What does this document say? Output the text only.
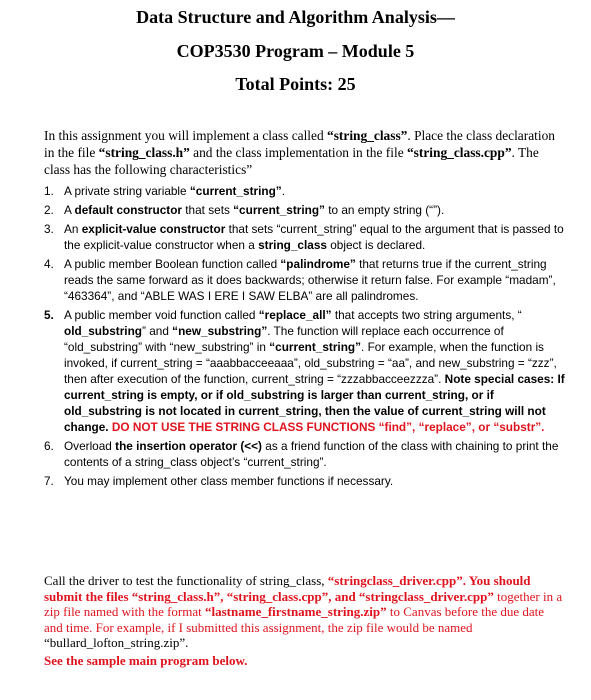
Data Structure and Algorithm Analysis—
COP3530 Program – Module 5
Total Points: 25

In this assignment you will implement a class called “string_class”. Place the class declaration in the file “string_class.h” and the class implementation in the file “string_class.cpp”. The class has the following characteristics”

1. A private string variable “current_string”.
2. A default constructor that sets “current_string” to an empty string (“”).
3. An explicit-value constructor that sets “current_string” equal to the argument that is passed to the explicit-value constructor when a string_class object is declared.
4. A public member Boolean function called “palindrome” that returns true if the current_string reads the same forward as it does backwards; otherwise it return false. For example “madam”, “463364”, and “ABLE WAS I ERE I SAW ELBA” are all palindromes.
5. A public member void function called “replace_all” that accepts two string arguments, “ old_substring” and “new_substring”. The function will replace each occurrence of “old_substring” with “new_substring” in “current_string”. For example, when the function is invoked, if current_string = “aaabbacceeaaa”, old_substring = “aa”, and new_substring = “zzz”, then after execution of the function, current_string = “zzzabbacceezzza”. Note special cases: If current_string is empty, or if old_substring is larger than current_string, or if old_substring is not located in current_string, then the value of current_string will not change. DO NOT USE THE STRING CLASS FUNCTIONS “find”, “replace”, or “substr”.
6. Overload the insertion operator (<<) as a friend function of the class with chaining to print the contents of a string_class object’s “current_string”.
7. You may implement other class member functions if necessary.

Call the driver to test the functionality of string_class, “stringclass_driver.cpp”. You should submit the files “string_class.h”, “string_class.cpp”, and “stringclass_driver.cpp” together in a zip file named with the format “lastname_firstname_string.zip” to Canvas before the due date and time. For example, if I submitted this assignment, the zip file would be named “bullard_lofton_string.zip”.

See the sample main program below.
